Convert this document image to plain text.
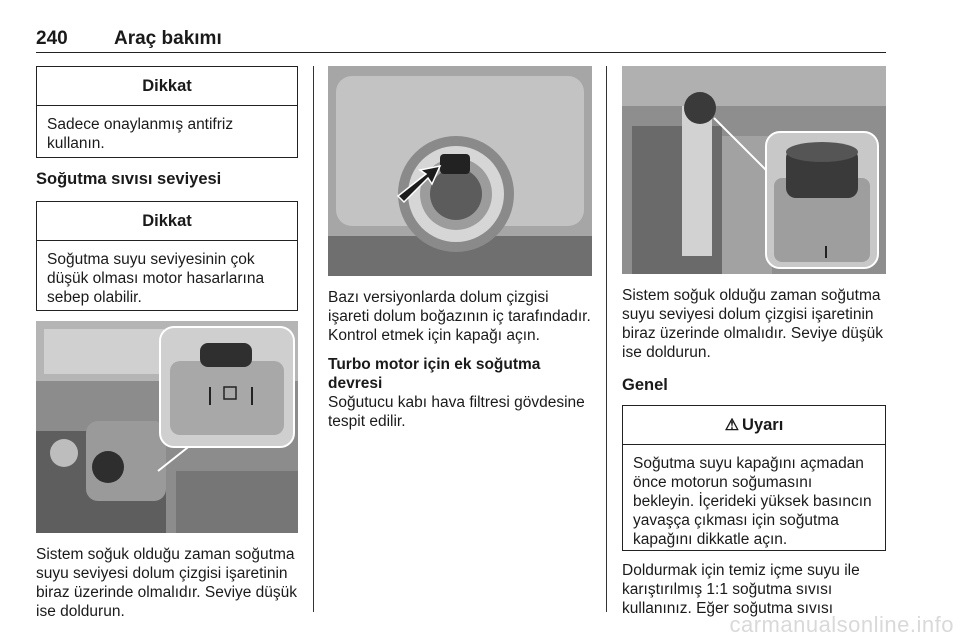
240 Araç bakımı
Dikkat
Sadece onaylanmış antifriz kullanın.
Soğutma sıvısı seviyesi
Dikkat
Soğutma suyu seviyesinin çok düşük olması motor hasarlarına sebep olabilir.

Sistem soğuk olduğu zaman soğutma suyu seviyesi dolum çizgisi işaretinin biraz üzerinde olmalıdır. Seviye düşük ise doldurun.

Bazı versiyonlarda dolum çizgisi işareti dolum boğazının iç tarafındadır. Kontrol etmek için kapağı açın.

Turbo motor için ek soğutma devresi

Soğutucu kabı hava filtresi gövdesine tespit edilir.

Sistem soğuk olduğu zaman soğutma suyu seviyesi dolum çizgisi işaretinin biraz üzerinde olmalıdır. Seviye düşük ise doldurun.

Genel
⚠ Uyarı
Soğutma suyu kapağını açmadan önce motorun soğumasını bekleyin. İçerideki yüksek basıncın yavaşça çıkması için soğutma kapağını dikkatle açın.

Doldurmak için temiz içme suyu ile karıştırılmış 1:1 soğutma sıvısı kullanınız. Eğer soğutma sıvısı

carmanualsonline.info
